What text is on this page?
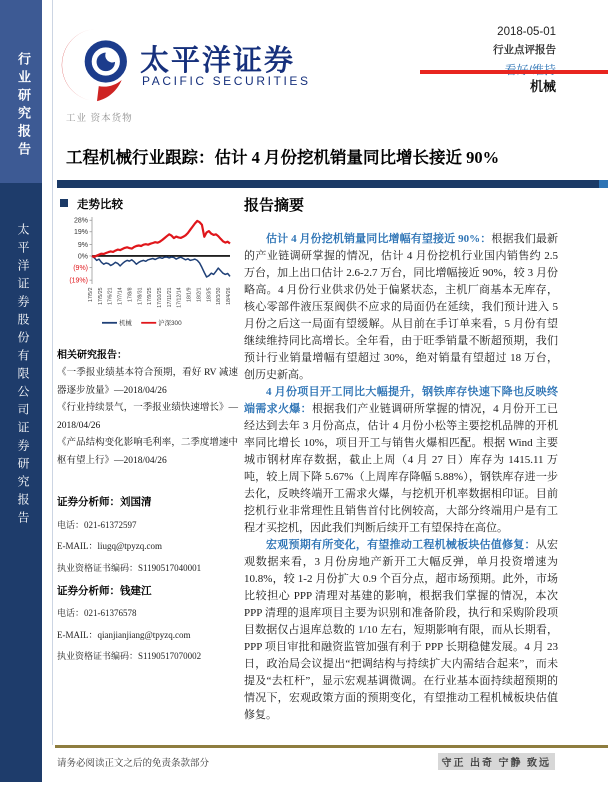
行业研究报告
太平洋证券股份有限公司证券研究报告
太平洋证券
PACIFIC SECURITIES
2018-05-01
行业点评报告
机械
工业 资本货物
工程机械行业跟踪：估计 4 月份挖机销量同比增长接近 90%
走势比较
28%
19%
9%
0%
(9%)
(19%)
17/5/2 17/5/25 17/6/21 17/7/14 17/8/8 17/8/31 17/9/25 17/10/25 17/11/21 17/12/14 18/1/9 18/2/1 18/3/5 18/3/30 18/4/26
机械	沪深300
相关研究报告：
《一季报业绩基本符合预期，看好 RV 减速器逐步放量》—2018/04/26
《行业持续景气，一季报业绩快速增长》—2018/04/26
《产品结构变化影响毛利率，二季度增速中枢有望上行》—2018/04/26
证券分析师：刘国清
电话：021-61372597
E-MAIL：liugq@tpyzq.com
执业资格证书编码：S1190517040001
证券分析师：钱建江
电话：021-61376578
E-MAIL：qianjianjiang@tpyzq.com
执业资格证书编码：S1190517070002
报告摘要

估计 4 月份挖机销量同比增幅有望接近 90%：根据我们最新的产业链调研掌握的情况，估计 4 月份挖机行业国内销售约 2.5 万台，加上出口估计 2.6-2.7 万台，同比增幅接近 90%，较 3 月份略高。4 月份行业供求仍处于偏紧状态，主机厂商基本无库存，核心零部件液压泵阀供不应求的局面仍在延续，我们预计进入 5 月份之后这一局面有望缓解。从目前在手订单来看，5 月份有望继续维持同比高增长。全年看，由于旺季销量不断超预期，我们预计行业销量增幅有望超过 30%，绝对销量有望超过 18 万台，创历史新高。

4 月份项目开工同比大幅提升，钢铁库存快速下降也反映终端需求火爆：根据我们产业链调研所掌握的情况，4 月份开工已经达到去年 3 月份高点，估计 4 月份小松等主要挖机品牌的开机率同比增长 10%，项目开工与销售火爆相匹配。根据 Wind 主要城市钢材库存数据，截止上周（4 月 27 日）库存为 1415.11 万吨，较上周下降 5.67%（上周库存降幅 5.88%），钢铁库存进一步去化，反映终端开工需求火爆，与挖机开机率数据相印证。目前挖机行业非常理性且销售首付比例较高，大部分终端用户是有工程才买挖机，因此我们判断后续开工有望保持在高位。

宏观预期有所变化，有望推动工程机械板块估值修复：从宏观数据来看，3 月份房地产新开工大幅反弹，单月投资增速为 10.8%，较 1-2 月份扩大 0.9 个百分点，超市场预期。此外，市场比较担心 PPP 清理对基建的影响，根据我们掌握的情况，本次 PPP 清理的退库项目主要为识别和准备阶段，执行和采购阶段项目数据仅占退库总数的 1/10 左右，短期影响有限，而从长期看，PPP 项目审批和融资监管加强有利于 PPP 长期稳健发展。4 月 23 日，政治局会议提出“把调结构与持续扩大内需结合起来”，而未提及“去杠杆”，显示宏观基调微调。在行业基本面持续超预期的情况下，宏观政策方面的预期变化，有望推动工程机械板块估值修复。

请务必阅读正文之后的免责条款部分	守正 出奇 宁静 致远
